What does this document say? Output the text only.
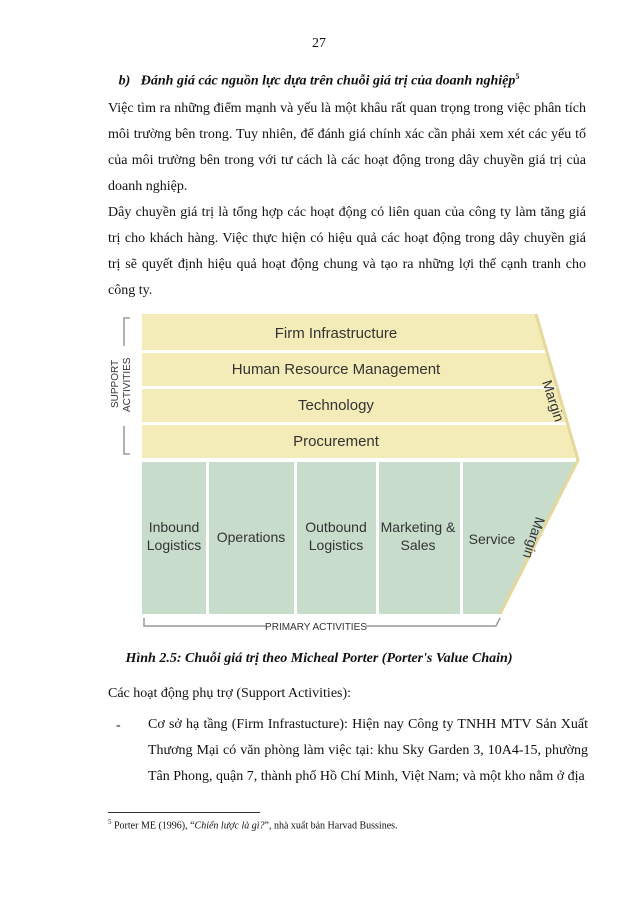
27
b) Đánh giá các nguồn lực dựa trên chuỗi giá trị của doanh nghiệp$^5$

Việc tìm ra những điểm mạnh và yếu là một khâu rất quan trọng trong việc phân tích môi trường bên trong. Tuy nhiên, để đánh giá chính xác cần phải xem xét các yếu tố của môi trường bên trong với tư cách là các hoạt động trong dây chuyền giá trị của doanh nghiệp.

Dây chuyền giá trị là tổng hợp các hoạt động có liên quan của công ty làm tăng giá trị cho khách hàng. Việc thực hiện có hiệu quả các hoạt động trong dây chuyền giá trị sẽ quyết định hiệu quả hoạt động chung và tạo ra những lợi thế cạnh tranh cho công ty.

Firm Infrastructure
Human Resource Management
Technology
Procurement
Inbound
Logistics Operations
Outbound
Logistics
Marketing &
Sales Service
Margin
Margin
SUPPORT ACTIVITIES
PRIMARY ACTIVITIES
Hình 2.5: Chuỗi giá trị theo Micheal Porter (Porter's Value Chain)
Các hoạt động phụ trợ (Support Activities):
- Cơ sở hạ tầng (Firm Infrastucture): Hiện nay Công ty TNHH MTV Sản Xuất Thương Mại có văn phòng làm việc tại: khu Sky Garden 3, 10A4-15, phường Tân Phong, quận 7, thành phố Hồ Chí Minh, Việt Nam; và một kho nằm ở địa

$^5$ Porter ME (1996), “Chiến lược là gì?”, nhà xuất bản Harvad Bussines.
